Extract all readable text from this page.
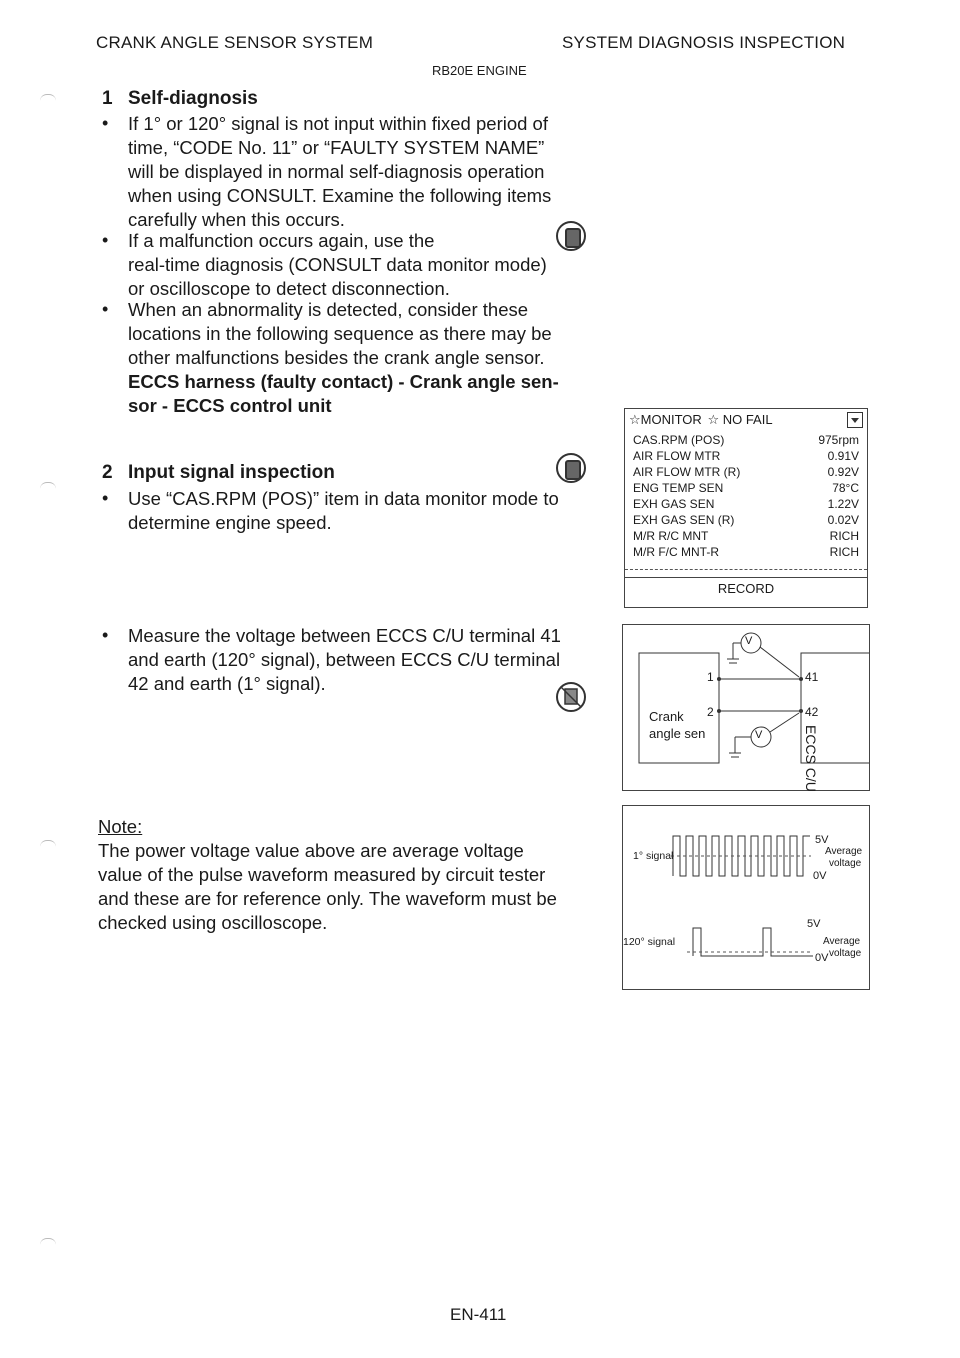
CRANK ANGLE SENSOR SYSTEM	SYSTEM DIAGNOSIS INSPECTION
RB20E ENGINE
1 Self-diagnosis
• If 1° or 120° signal is not input within fixed period of
time, “CODE No. 11” or “FAULTY SYSTEM NAME”
will be displayed in normal self-diagnosis operation
when using CONSULT. Examine the following items
carefully when this occurs.
• If a malfunction occurs again, use the
real-time diagnosis (CONSULT data monitor mode)
or oscilloscope to detect disconnection.
• When an abnormality is detected, consider these
locations in the following sequence as there may be
other malfunctions besides the crank angle sensor.
ECCS harness (faulty contact) - Crank angle sen-
sor - ECCS control unit
2 Input signal inspection
• Use “CAS.RPM (POS)” item in data monitor mode to
determine engine speed.
• Measure the voltage between ECCS C/U terminal 41
and earth (120° signal), between ECCS C/U terminal
42 and earth (1° signal).
☆MONITOR ☆ NO FAIL
CAS.RPM (POS)	975rpm
AIR FLOW MTR	0.91V
AIR FLOW MTR (R)	0.92V
ENG TEMP SEN	78°C
EXH GAS SEN	1.22V
EXH GAS SEN (R)	0.02V
M/R R/C MNT	RICH
M/R F/C MNT-R	RICH
RECORD
V
V
1
2
41
42
Crank
angle sen	ECCS C/U
1° signal
120° signal
5V
0V
Average
voltage
5V
0V
Average
voltage
Note:
The power voltage value above are average voltage
value of the pulse waveform measured by circuit tester
and these are for reference only. The waveform must be
checked using oscilloscope.
EN-411
